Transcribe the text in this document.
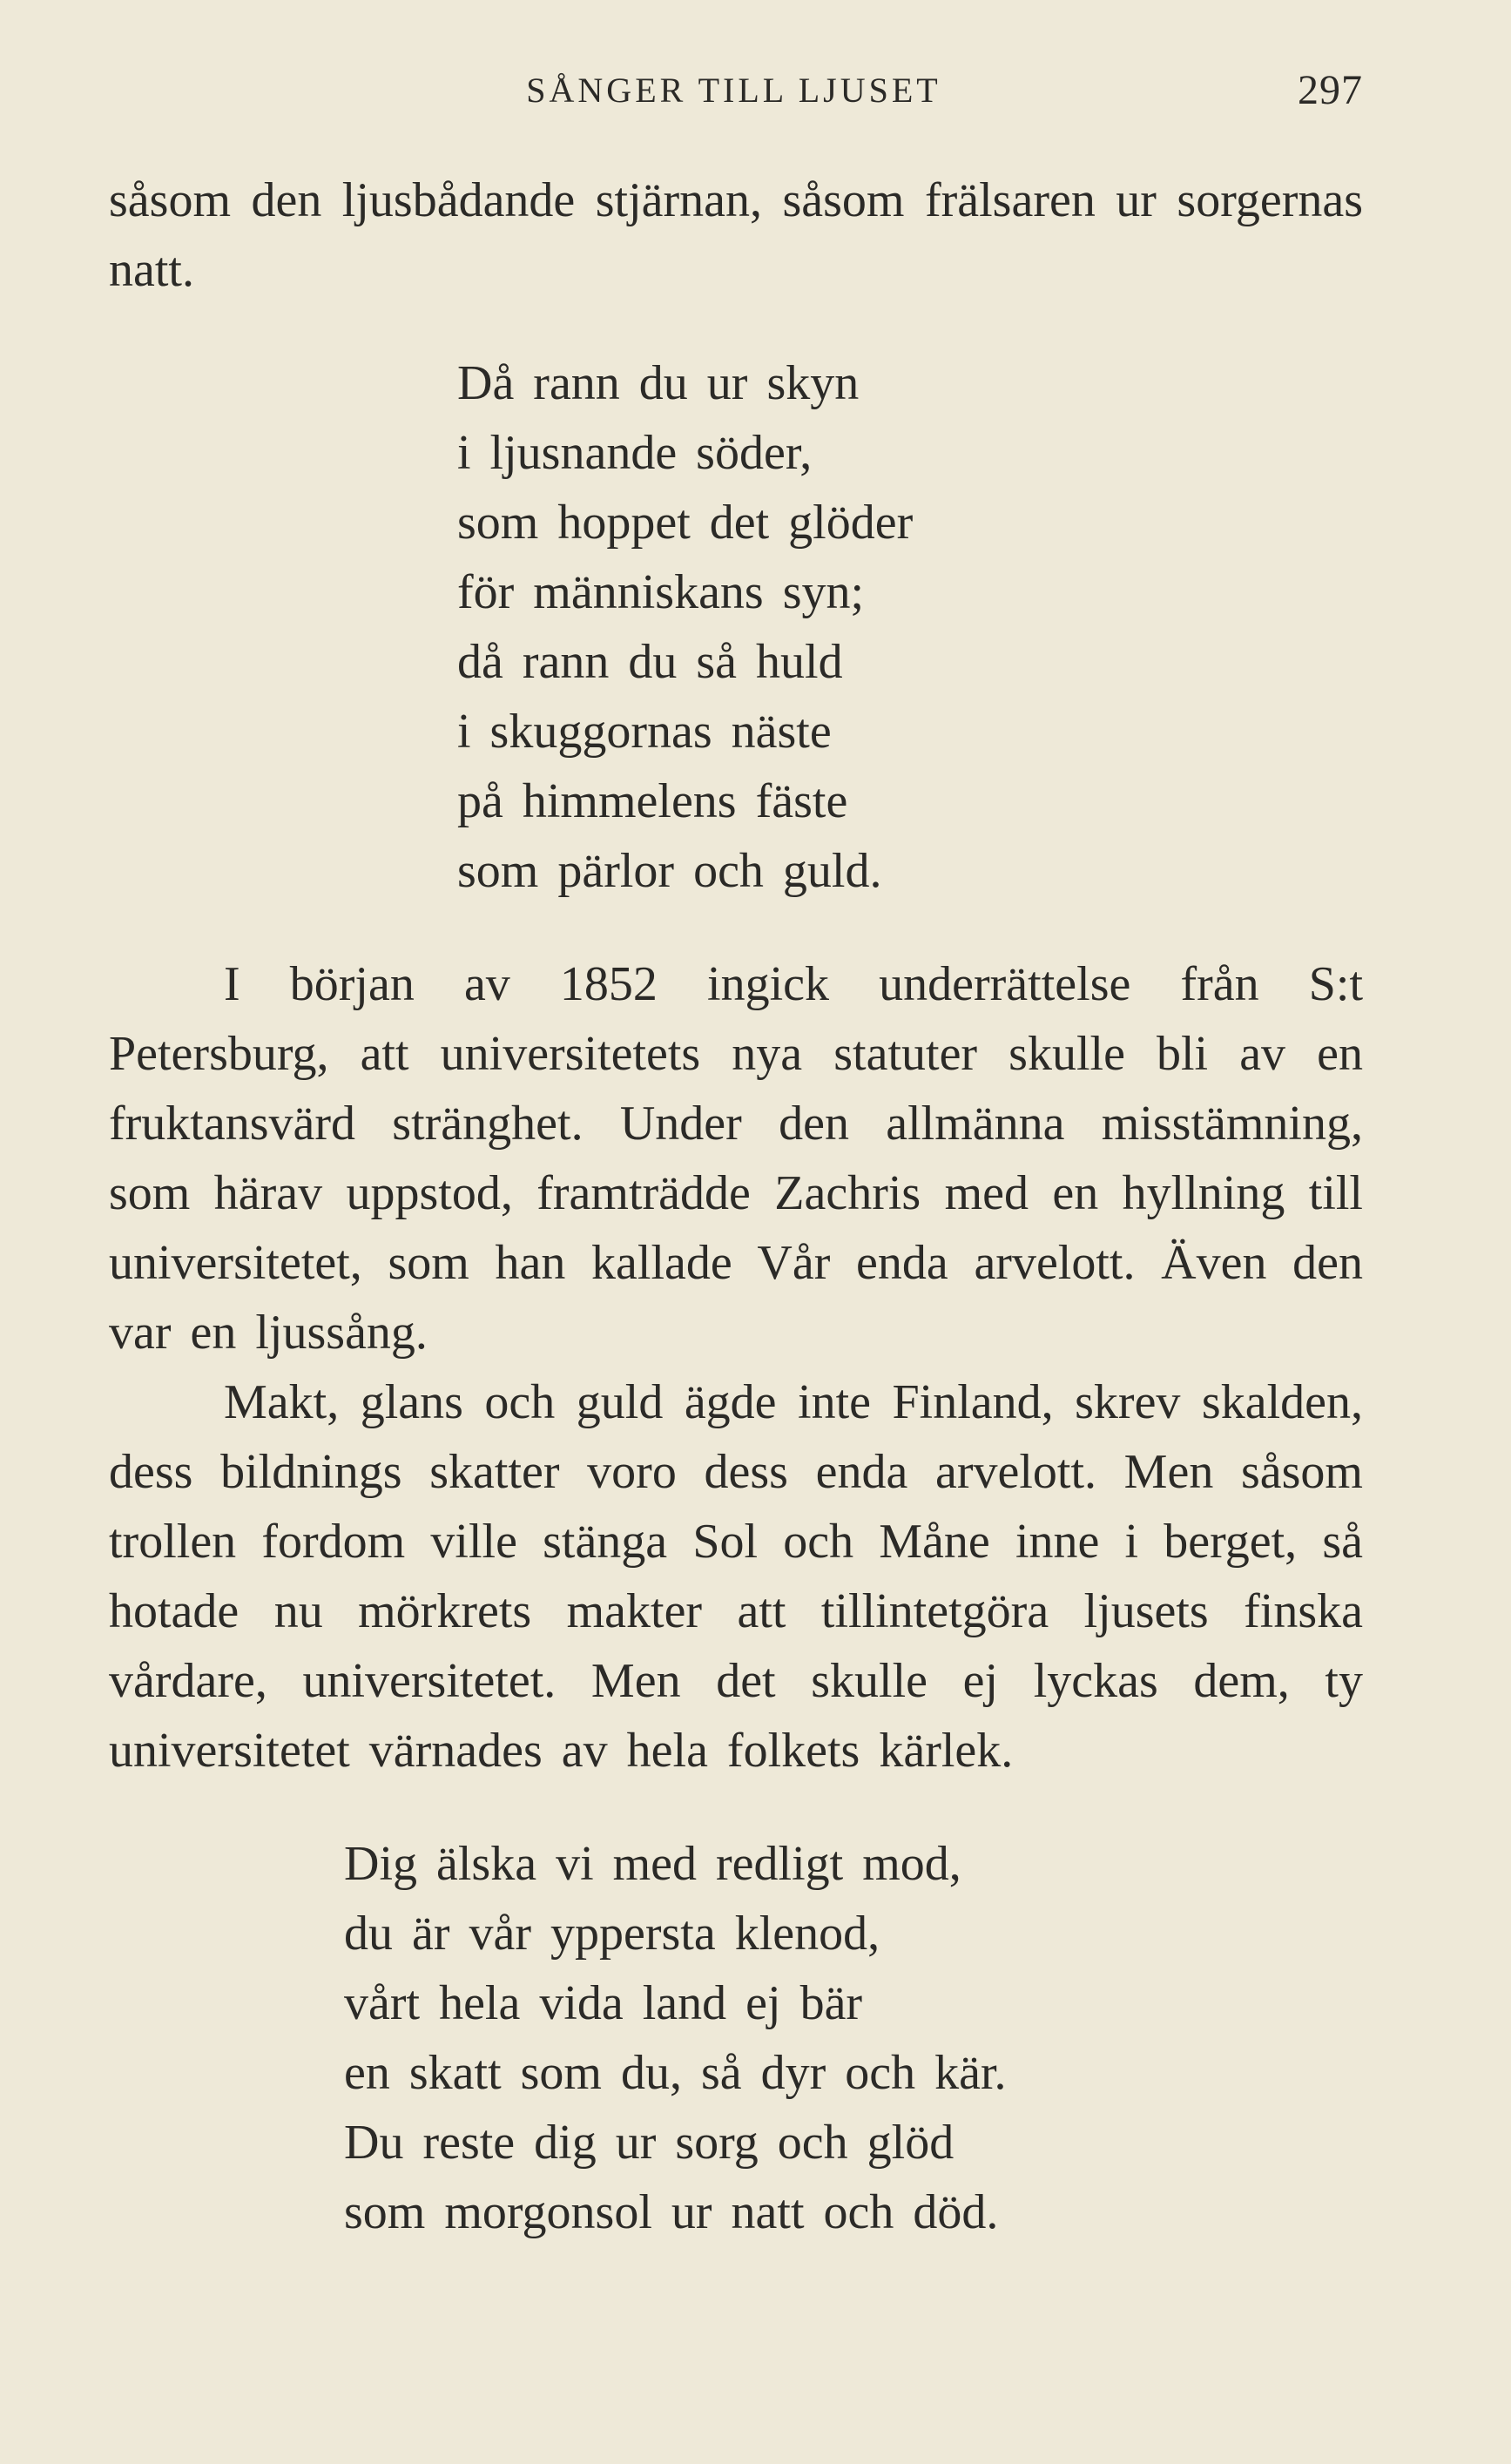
SÅNGER TILL LJUSET	297

såsom den ljusbådande stjärnan, såsom frälsaren ur sorgernas natt.

Då rann du ur skyn
i ljusnande söder,
som hoppet det glöder
för människans syn;
då rann du så huld
i skuggornas näste
på himmelens fäste
som pärlor och guld.

I början av 1852 ingick underrättelse från S:t Petersburg, att universitetets nya statuter skulle bli av en fruktansvärd stränghet. Under den allmänna misstämning, som härav uppstod, framträdde Zachris med en hyllning till universitetet, som han kallade Vår enda arvelott. Även den var en ljussång.

Makt, glans och guld ägde inte Finland, skrev skalden, dess bildnings skatter voro dess enda arvelott. Men såsom trollen fordom ville stänga Sol och Måne inne i berget, så hotade nu mörkrets makter att tillintetgöra ljusets finska vårdare, universitetet. Men det skulle ej lyckas dem, ty universitetet värnades av hela folkets kärlek.

Dig älska vi med redligt mod,
du är vår yppersta klenod,
vårt hela vida land ej bär
en skatt som du, så dyr och kär.
Du reste dig ur sorg och glöd
som morgonsol ur natt och död.
